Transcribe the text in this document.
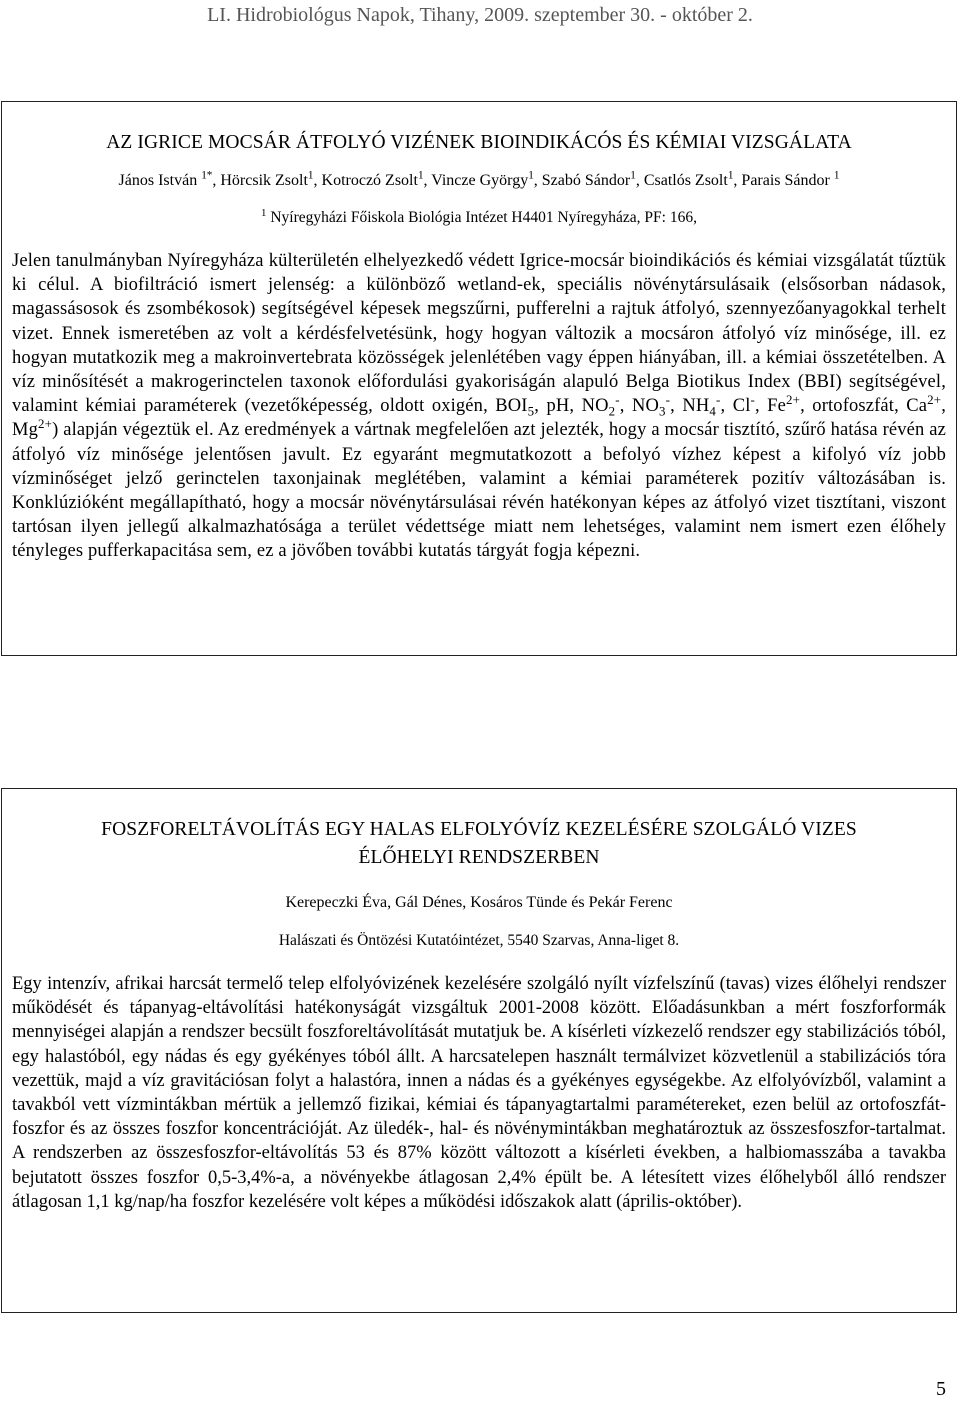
LI. Hidrobiológus Napok, Tihany, 2009. szeptember 30. - október 2.
AZ IGRICE MOCSÁR ÁTFOLYÓ VIZÉNEK BIOINDIKÁCÓS ÉS KÉMIAI VIZSGÁLATA
János István $^{1*}$, Hörcsik Zsolt$^1$, Kotroczó Zsolt$^1$, Vincze György$^1$, Szabó Sándor$^1$, Csatlós Zsolt$^1$, Parais Sándor $^1$
$^1$ Nyíregyházi Főiskola Biológia Intézet H4401 Nyíregyháza, PF: 166,
Jelen tanulmányban Nyíregyháza külterületén elhelyezkedő védett Igrice-mocsár bioindikációs és kémiai vizsgálatát tűztük ki célul. A biofiltráció ismert jelenség: a különböző wetland-ek, speciális növénytársulásaik (elsősorban nádasok, magassásosok és zsombékosok) segítségével képesek megszűrni, pufferelni a rajtuk átfolyó, szennyezőanyagokkal terhelt vizet. Ennek ismeretében az volt a kérdésfelvetésünk, hogy hogyan változik a mocsáron átfolyó víz minősége, ill. ez hogyan mutatkozik meg a makroinvertebrata közösségek jelenlétében vagy éppen hiányában, ill. a kémiai összetételben. A víz minősítését a makrogerinctelen taxonok előfordulási gyakoriságán alapuló Belga Biotikus Index (BBI) segítségével, valamint kémiai paraméterek (vezetőképesség, oldott oxigén, $BOI_5$, pH, $NO_2^-$, $NO_3^-$, $NH_4^-$, Cl-, $Fe^{2+}$, ortofoszfát, $Ca^{2+}$, $Mg^{2+}$) alapján végeztük el. Az eredmények a vártnak megfelelően azt jelezték, hogy a mocsár tisztító, szűrő hatása révén az átfolyó víz minősége jelentősen javult. Ez egyaránt megmutatkozott a befolyó vízhez képest a kifolyó víz jobb vízminőséget jelző gerinctelen taxonjainak meglétében, valamint a kémiai paraméterek pozitív változásában is. Konklúzióként megállapítható, hogy a mocsár növénytársulásai révén hatékonyan képes az átfolyó vizet tisztítani, viszont tartósan ilyen jellegű alkalmazhatósága a terület védettsége miatt nem lehetséges, valamint nem ismert ezen élőhely tényleges pufferkapacitása sem, ez a jövőben további kutatás tárgyát fogja képezni.
FOSZFORELTÁVOLÍTÁS EGY HALAS ELFOLYÓVÍZ KEZELÉSÉRE SZOLGÁLÓ VIZES
ÉLŐHELYI RENDSZERBEN
Kerepeczki Éva, Gál Dénes, Kosáros Tünde és Pekár Ferenc
Halászati és Öntözési Kutatóintézet, 5540 Szarvas, Anna-liget 8.
Egy intenzív, afrikai harcsát termelő telep elfolyóvizének kezelésére szolgáló nyílt vízfelszínű (tavas) vizes élőhelyi rendszer működését és tápanyag-eltávolítási hatékonyságát vizsgáltuk 2001-2008 között. Előadásunkban a mért foszforformák mennyiségei alapján a rendszer becsült foszforeltávolítását mutatjuk be. A kísérleti vízkezelő rendszer egy stabilizációs tóból, egy halastóból, egy nádas és egy gyékényes tóból állt. A harcsatelepen használt termálvizet közvetlenül a stabilizációs tóra vezettük, majd a víz gravitációsan folyt a halastóra, innen a nádas és a gyékényes egységekbe. Az elfolyóvízből, valamint a tavakból vett vízmintákban mértük a jellemző fizikai, kémiai és tápanyagtartalmi paramétereket, ezen belül az ortofoszfát-foszfor és az összes foszfor koncentrációját. Az üledék-, hal- és növénymintákban meghatároztuk az összesfoszfor-tartalmat. A rendszerben az összesfoszfor-eltávolítás 53 és 87% között változott a kísérleti években, a halbiomasszába a tavakba bejutatott összes foszfor 0,5-3,4%-a, a növényekbe átlagosan 2,4% épült be. A létesített vizes élőhelyből álló rendszer átlagosan 1,1 kg/nap/ha foszfor kezelésére volt képes a működési időszakok alatt (április-október).
5
